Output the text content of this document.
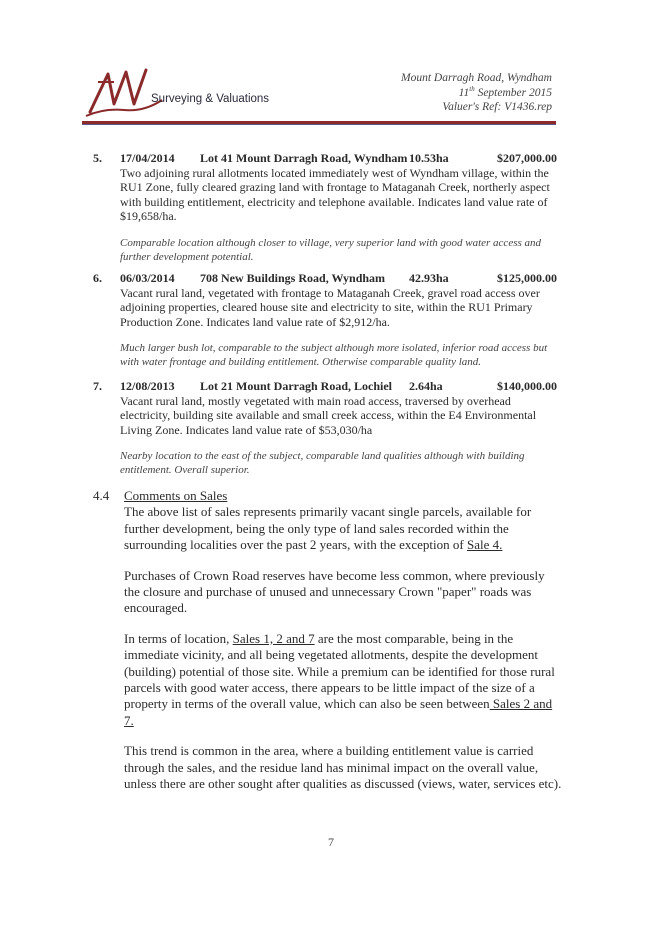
Surveying & Valuations
Mount Darragh Road, Wyndham
11th September 2015
Valuer's Ref: V1436.rep
5. 17/04/2014 Lot 41 Mount Darragh Road, Wyndham 10.53ha	$207,000.00
Two adjoining rural allotments located immediately west of Wyndham village, within the RU1 Zone, fully cleared grazing land with frontage to Mataganah Creek, northerly aspect with building entitlement, electricity and telephone available. Indicates land value rate of $19,658/ha.
Comparable location although closer to village, very superior land with good water access and further development potential.
6. 06/03/2014 708 New Buildings Road, Wyndham 42.93ha	$125,000.00
Vacant rural land, vegetated with frontage to Mataganah Creek, gravel road access over adjoining properties, cleared house site and electricity to site, within the RU1 Primary Production Zone. Indicates land value rate of $2,912/ha.
Much larger bush lot, comparable to the subject although more isolated, inferior road access but with water frontage and building entitlement. Otherwise comparable quality land.
7. 12/08/2013 Lot 21 Mount Darragh Road, Lochiel 2.64ha	$140,000.00
Vacant rural land, mostly vegetated with main road access, traversed by overhead electricity, building site available and small creek access, within the E4 Environmental Living Zone. Indicates land value rate of $53,030/ha
Nearby location to the east of the subject, comparable land qualities although with building entitlement. Overall superior.
4.4 Comments on Sales

The above list of sales represents primarily vacant single parcels, available for further development, being the only type of land sales recorded within the surrounding localities over the past 2 years, with the exception of Sale 4.

Purchases of Crown Road reserves have become less common, where previously the closure and purchase of unused and unnecessary Crown "paper" roads was encouraged.

In terms of location, Sales 1, 2 and 7 are the most comparable, being in the immediate vicinity, and all being vegetated allotments, despite the development (building) potential of those site. While a premium can be identified for those rural parcels with good water access, there appears to be little impact of the size of a property in terms of the overall value, which can also be seen between Sales 2 and 7.

This trend is common in the area, where a building entitlement value is carried through the sales, and the residue land has minimal impact on the overall value, unless there are other sought after qualities as discussed (views, water, services etc).

7
